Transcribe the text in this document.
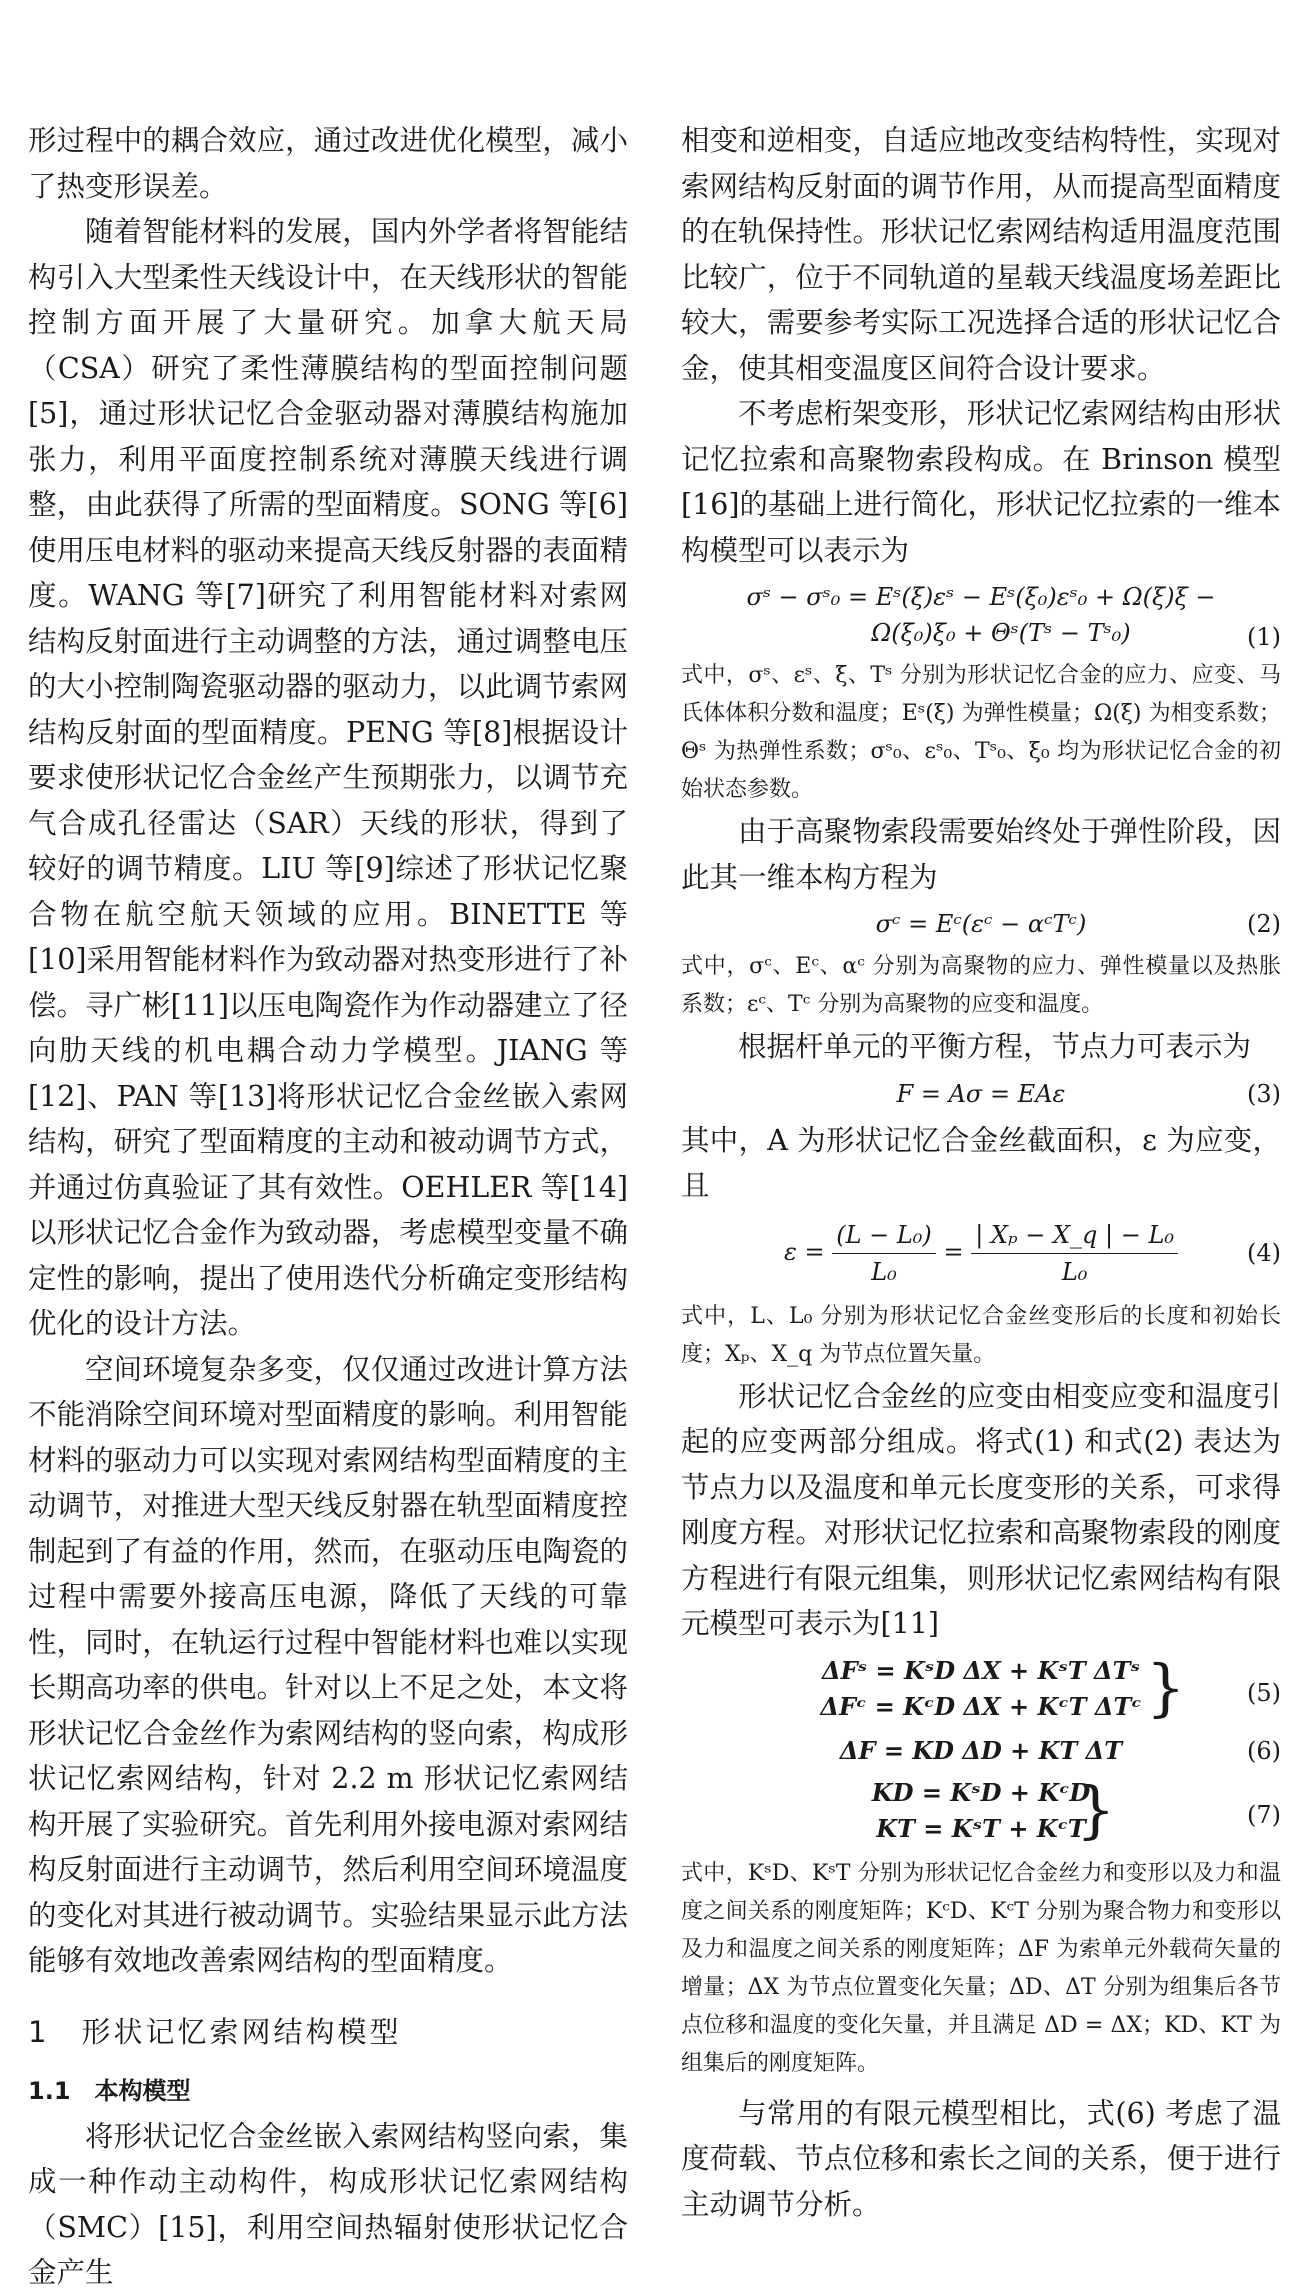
形过程中的耦合效应，通过改进优化模型，减小了热变形误差。

随着智能材料的发展，国内外学者将智能结构引入大型柔性天线设计中，在天线形状的智能控制方面开展了大量研究。加拿大航天局（CSA）研究了柔性薄膜结构的型面控制问题[5]，通过形状记忆合金驱动器对薄膜结构施加张力，利用平面度控制系统对薄膜天线进行调整，由此获得了所需的型面精度。SONG 等[6]使用压电材料的驱动来提高天线反射器的表面精度。WANG 等[7]研究了利用智能材料对索网结构反射面进行主动调整的方法，通过调整电压的大小控制陶瓷驱动器的驱动力，以此调节索网结构反射面的型面精度。PENG 等[8]根据设计要求使形状记忆合金丝产生预期张力，以调节充气合成孔径雷达（SAR）天线的形状，得到了较好的调节精度。LIU 等[9]综述了形状记忆聚合物在航空航天领域的应用。BINETTE 等[10]采用智能材料作为致动器对热变形进行了补偿。寻广彬[11]以压电陶瓷作为作动器建立了径向肋天线的机电耦合动力学模型。JIANG 等[12]、PAN 等[13]将形状记忆合金丝嵌入索网结构，研究了型面精度的主动和被动调节方式，并通过仿真验证了其有效性。OEHLER 等[14]以形状记忆合金作为致动器，考虑模型变量不确定性的影响，提出了使用迭代分析确定变形结构优化的设计方法。

空间环境复杂多变，仅仅通过改进计算方法不能消除空间环境对型面精度的影响。利用智能材料的驱动力可以实现对索网结构型面精度的主动调节，对推进大型天线反射器在轨型面精度控制起到了有益的作用，然而，在驱动压电陶瓷的过程中需要外接高压电源，降低了天线的可靠性，同时，在轨运行过程中智能材料也难以实现长期高功率的供电。针对以上不足之处，本文将形状记忆合金丝作为索网结构的竖向索，构成形状记忆索网结构，针对 2.2 m 形状记忆索网结构开展了实验研究。首先利用外接电源对索网结构反射面进行主动调节，然后利用空间环境温度的变化对其进行被动调节。实验结果显示此方法能够有效地改善索网结构的型面精度。

1　形状记忆索网结构模型
1.1　本构模型

将形状记忆合金丝嵌入索网结构竖向索，集成一种作动主动构件，构成形状记忆索网结构（SMC）[15]，利用空间热辐射使形状记忆合金产生

相变和逆相变，自适应地改变结构特性，实现对索网结构反射面的调节作用，从而提高型面精度的在轨保持性。形状记忆索网结构适用温度范围比较广，位于不同轨道的星载天线温度场差距比较大，需要参考实际工况选择合适的形状记忆合金，使其相变温度区间符合设计要求。

不考虑桁架变形，形状记忆索网结构由形状记忆拉索和高聚物索段构成。在 Brinson 模型[16]的基础上进行简化，形状记忆拉索的一维本构模型可以表示为

σˢ − σˢ₀ = Eˢ(ξ)εˢ − Eˢ(ξ₀)εˢ₀ + Ω(ξ)ξ −
Ω(ξ₀)ξ₀ + Θˢ(Tˢ − Tˢ₀)	(1)

式中，σˢ、εˢ、ξ、Tˢ 分别为形状记忆合金的应力、应变、马氏体体积分数和温度；Eˢ(ξ) 为弹性模量；Ω(ξ) 为相变系数；Θˢ 为热弹性系数；σˢ₀、εˢ₀、Tˢ₀、ξ₀ 均为形状记忆合金的初始状态参数。

由于高聚物索段需要始终处于弹性阶段，因此其一维本构方程为

σᶜ = Eᶜ(εᶜ − αᶜTᶜ)	(2)

式中，σᶜ、Eᶜ、αᶜ 分别为高聚物的应力、弹性模量以及热胀系数；εᶜ、Tᶜ 分别为高聚物的应变和温度。

根据杆单元的平衡方程，节点力可表示为

F = Aσ = EAε	(3)

其中，A 为形状记忆合金丝截面积，ε 为应变，且

$\varepsilon = \frac{\text{(L − L₀)}}{\text{L₀}} = \frac{\text{| Xₚ − X\_q | − L₀}}{\text{L₀}}$	(4)

式中，L、L₀ 分别为形状记忆合金丝变形后的长度和初始长度；Xₚ、X_q 为节点位置矢量。

形状记忆合金丝的应变由相变应变和温度引起的应变两部分组成。将式(1) 和式(2) 表达为节点力以及温度和单元长度变形的关系，可求得刚度方程。对形状记忆拉索和高聚物索段的刚度方程进行有限元组集，则形状记忆索网结构有限元模型可表示为[11]

ΔFˢ = KˢD ΔX + KˢT ΔTˢ
ΔFᶜ = KᶜD ΔX + KᶜT ΔTᶜ }	(5)
ΔF = KD ΔD + KT ΔT	(6)
KD = KˢD + KᶜD
KT = KˢT + KᶜT
}	(7)

式中，KˢD、KˢT 分别为形状记忆合金丝力和变形以及力和温度之间关系的刚度矩阵；KᶜD、KᶜT 分别为聚合物力和变形以及力和温度之间关系的刚度矩阵；ΔF 为索单元外载荷矢量的增量；ΔX 为节点位置变化矢量；ΔD、ΔT 分别为组集后各节点位移和温度的变化矢量，并且满足 ΔD = ΔX；KD、KT 为组集后的刚度矩阵。

与常用的有限元模型相比，式(6) 考虑了温度荷载、节点位移和索长之间的关系，便于进行主动调节分析。
